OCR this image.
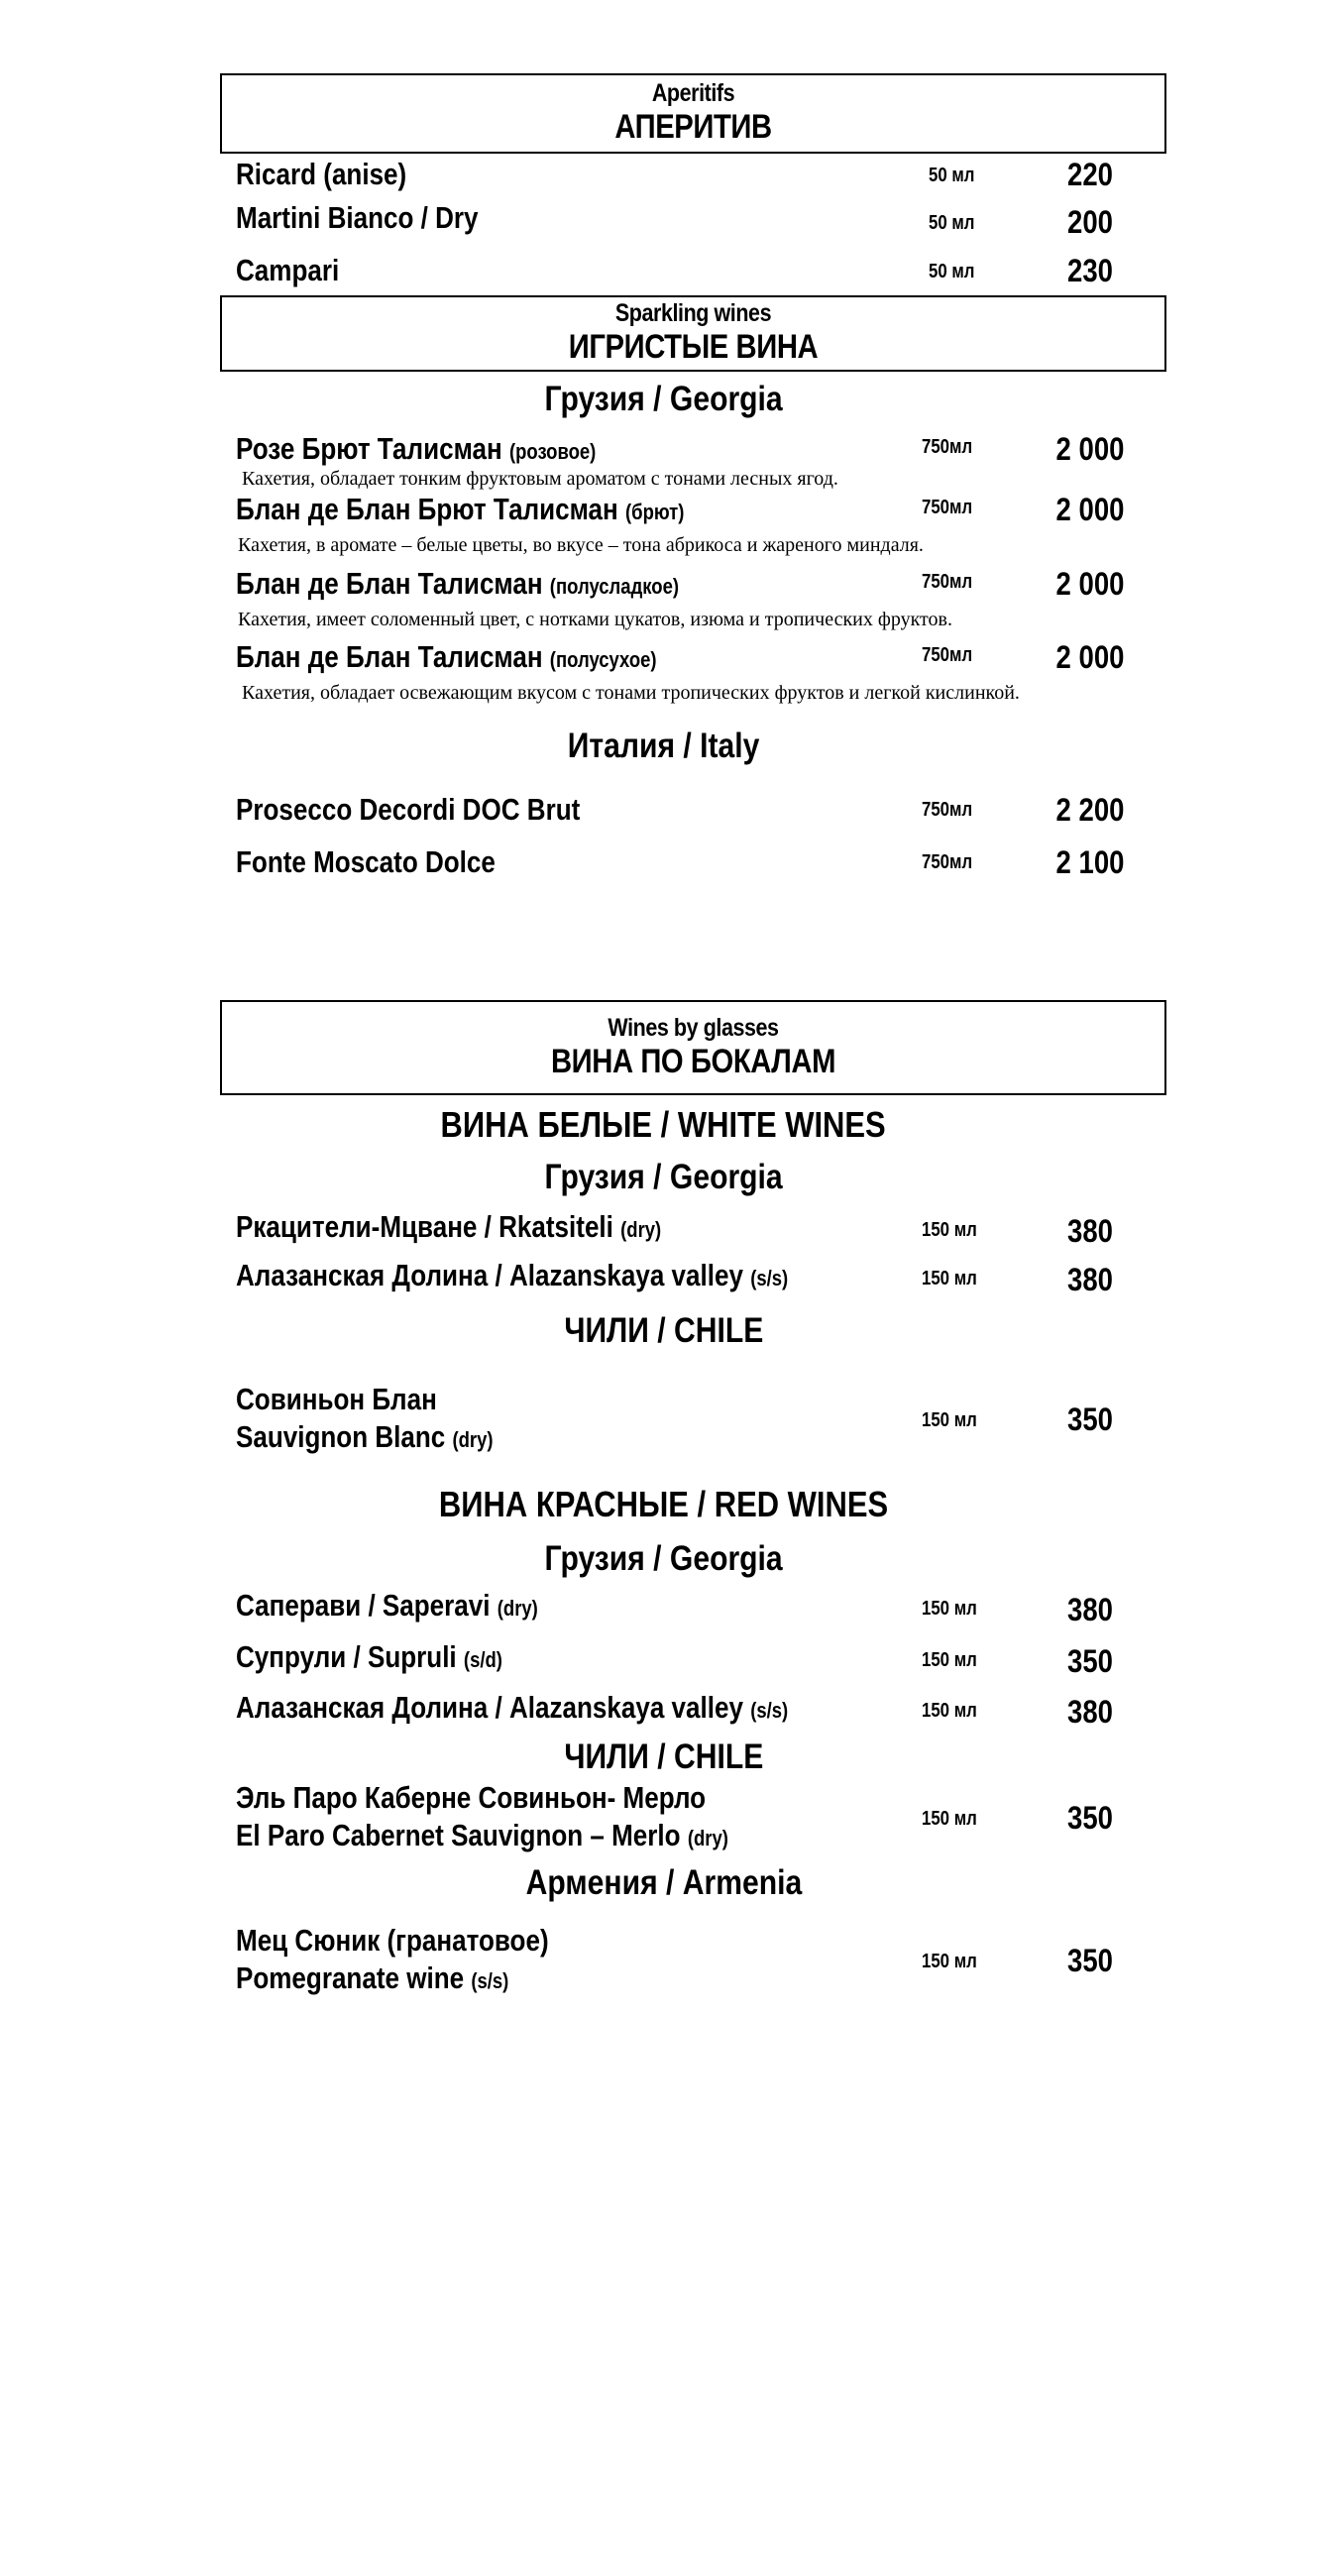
Aperitifs
АПЕРИТИВ
Ricard (anise)	50 мл	220
Martini Bianco / Dry	50 мл	200
Campari	50 мл	230
Sparkling wines
ИГРИСТЫЕ ВИНА
Грузия / Georgia
Розе Брют Талисман (розовое)	750мл	2 000
Кахетия, обладает тонким фруктовым ароматом с тонами лесных ягод.
Блан де Блан Брют Талисман (брют)	750мл	2 000
Кахетия, в аромате – белые цветы, во вкусе – тона абрикоса и жареного миндаля.
Блан де Блан Талисман (полусладкое)	750мл	2 000
Кахетия, имеет соломенный цвет, с нотками цукатов, изюма и тропических фруктов.
Блан де Блан Талисман (полусухое)	750мл	2 000
Кахетия, обладает освежающим вкусом с тонами тропических фруктов и легкой кислинкой.
Италия / Italy
Prosecco Decordi DOC Brut	750мл	2 200
Fonte Moscato Dolce	750мл	2 100
Wines by glasses
ВИНА ПО БОКАЛАМ
ВИНА БЕЛЫЕ / WHITE WINES
Грузия / Georgia
Ркацители-Мцване / Rkatsiteli (dry)	150 мл	380
Алазанская Долина / Alazanskaya valley (s/s)	150 мл	380
ЧИЛИ / CHILE
Совиньон Блан
Sauvignon Blanc (dry)
150 мл	350
ВИНА КРАСНЫЕ / RED WINES
Грузия / Georgia
Саперави / Saperavi (dry)	150 мл	380
Супрули / Supruli (s/d)	150 мл	350
Алазанская Долина / Alazanskaya valley (s/s)	150 мл	380
ЧИЛИ / CHILE
Эль Паро Каберне Совиньон- Мерло
El Paro Cabernet Sauvignon – Merlo (dry)
150 мл	350
Армения / Armenia
Мец Сюник (гранатовое)
Pomegranate wine (s/s)
150 мл	350
